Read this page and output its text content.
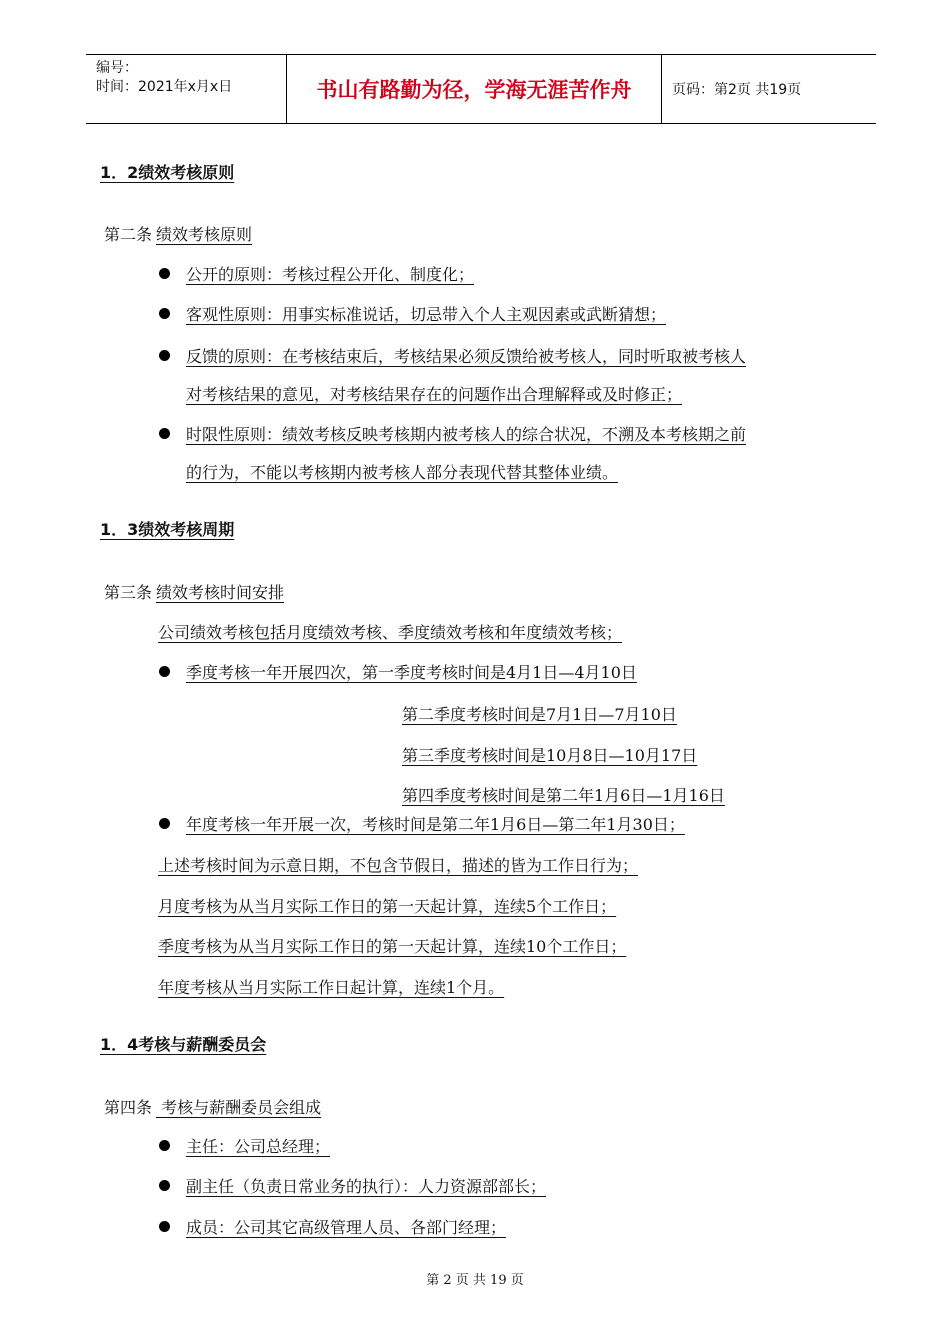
编号：
时间：2021年x月x日	书山有路勤为径，学海无涯苦作舟	页码：第2页 共19页
1．2绩效考核原则
第二条 绩效考核原则
公开的原则：考核过程公开化、制度化；
客观性原则：用事实标准说话，切忌带入个人主观因素或武断猜想；
反馈的原则：在考核结束后，考核结果必须反馈给被考核人，同时听取被考核人
对考核结果的意见，对考核结果存在的问题作出合理解释或及时修正；
时限性原则：绩效考核反映考核期内被考核人的综合状况，不溯及本考核期之前
的行为，不能以考核期内被考核人部分表现代替其整体业绩。
1．3绩效考核周期
第三条 绩效考核时间安排
公司绩效考核包括月度绩效考核、季度绩效考核和年度绩效考核；
季度考核一年开展四次，第一季度考核时间是4月1日—4月10日
第二季度考核时间是7月1日—7月10日
第三季度考核时间是10月8日—10月17日
第四季度考核时间是第二年1月6日—1月16日
年度考核一年开展一次，考核时间是第二年1月6日—第二年1月30日；
上述考核时间为示意日期，不包含节假日，描述的皆为工作日行为；
月度考核为从当月实际工作日的第一天起计算，连续5个工作日；
季度考核为从当月实际工作日的第一天起计算，连续10个工作日；
年度考核从当月实际工作日起计算，连续1个月。
1．4考核与薪酬委员会
第四条 考核与薪酬委员会组成
主任：公司总经理；
副主任（负责日常业务的执行）：人力资源部部长；
成员：公司其它高级管理人员、各部门经理；
第 2 页 共 19 页
